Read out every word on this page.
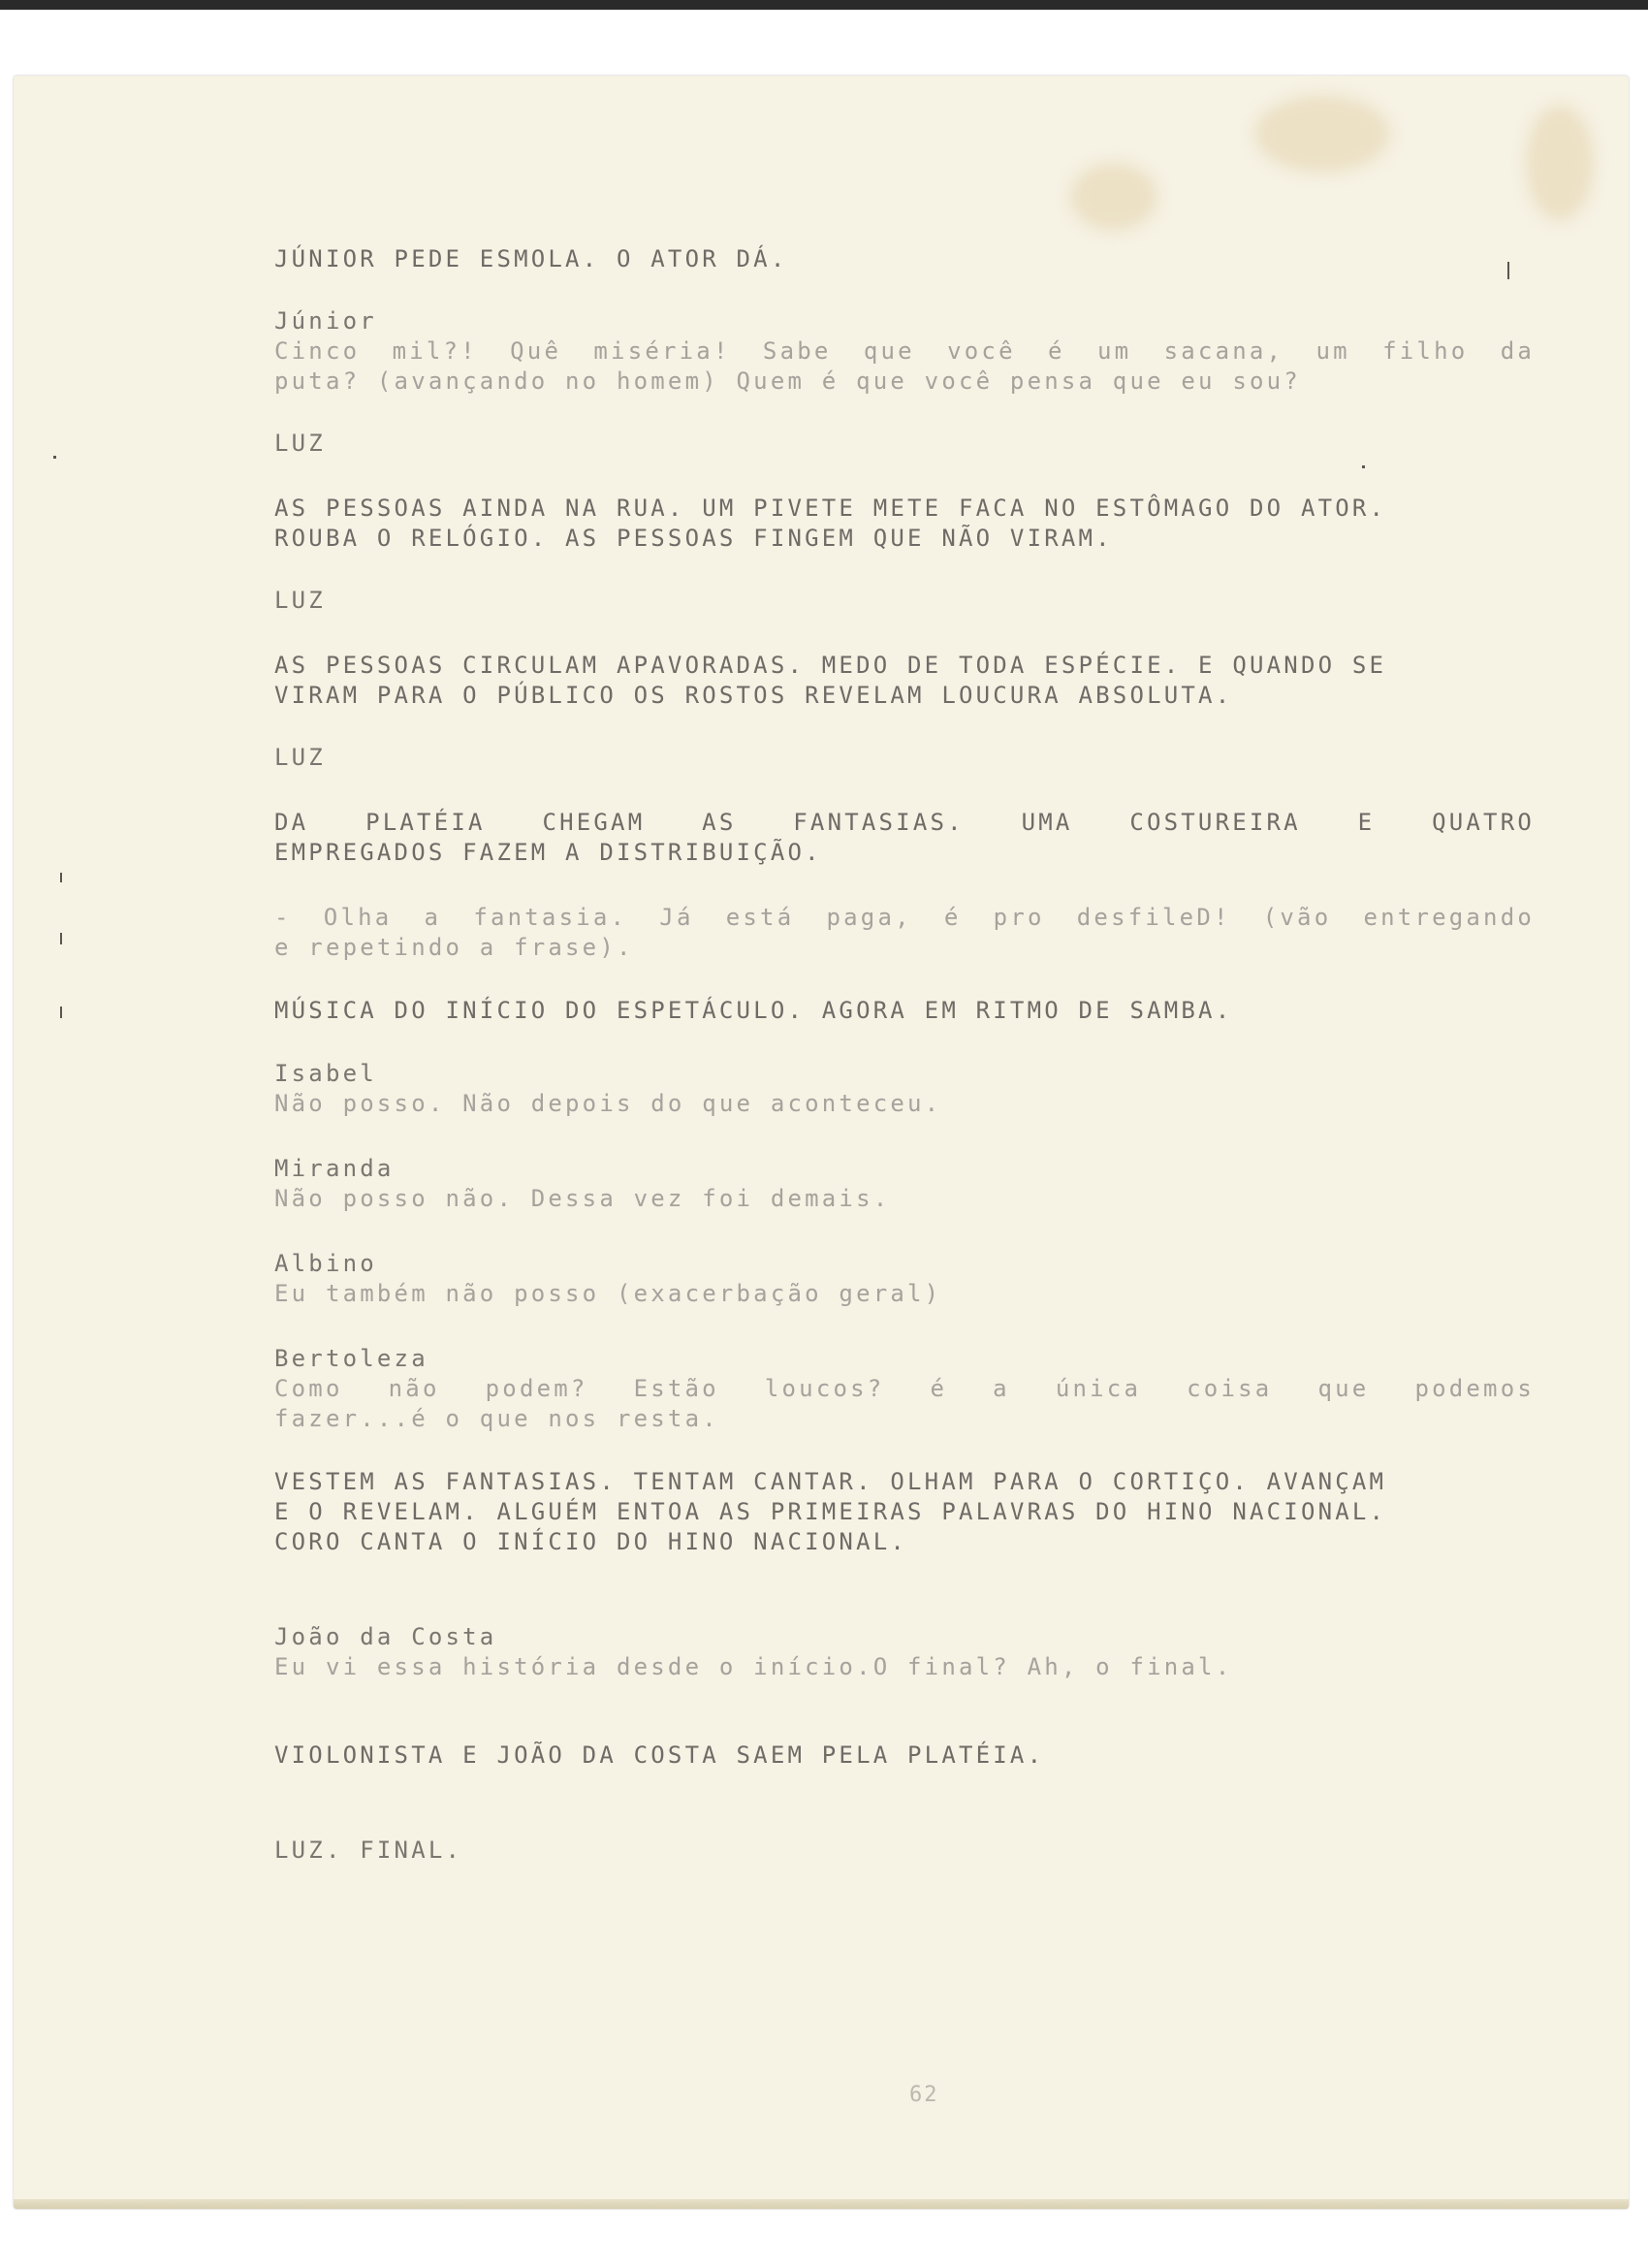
JÚNIOR PEDE ESMOLA. O ATOR DÁ.

Júnior
Cinco mil?! Quê miséria! Sabe que você é um sacana, um filho da
puta? (avançando no homem) Quem é que você pensa que eu sou?

LUZ

AS PESSOAS AINDA NA RUA. UM PIVETE METE FACA NO ESTÔMAGO DO ATOR.
ROUBA O RELÓGIO. AS PESSOAS FINGEM QUE NÃO VIRAM.

LUZ

AS PESSOAS CIRCULAM APAVORADAS. MEDO DE TODA ESPÉCIE. E QUANDO SE
VIRAM PARA O PÚBLICO OS ROSTOS REVELAM LOUCURA ABSOLUTA.

LUZ

DA PLATÉIA CHEGAM AS FANTASIAS. UMA COSTUREIRA E QUATRO
EMPREGADOS FAZEM A DISTRIBUIÇÃO.

- Olha a fantasia. Já está paga, é pro desfileD! (vão entregando
e repetindo a frase).

MÚSICA DO INÍCIO DO ESPETÁCULO. AGORA EM RITMO DE SAMBA.

Isabel
Não posso. Não depois do que aconteceu.

Miranda
Não posso não. Dessa vez foi demais.

Albino
Eu também não posso (exacerbação geral)

Bertoleza
Como não podem? Estão loucos? é a única coisa que podemos
fazer...é o que nos resta.

VESTEM AS FANTASIAS. TENTAM CANTAR. OLHAM PARA O CORTIÇO. AVANÇAM
E O REVELAM. ALGUÉM ENTOA AS PRIMEIRAS PALAVRAS DO HINO NACIONAL.
CORO CANTA O INÍCIO DO HINO NACIONAL.

João da Costa
Eu vi essa história desde o início.O final? Ah, o final.

VIOLONISTA E JOÃO DA COSTA SAEM PELA PLATÉIA.

LUZ. FINAL.

62
